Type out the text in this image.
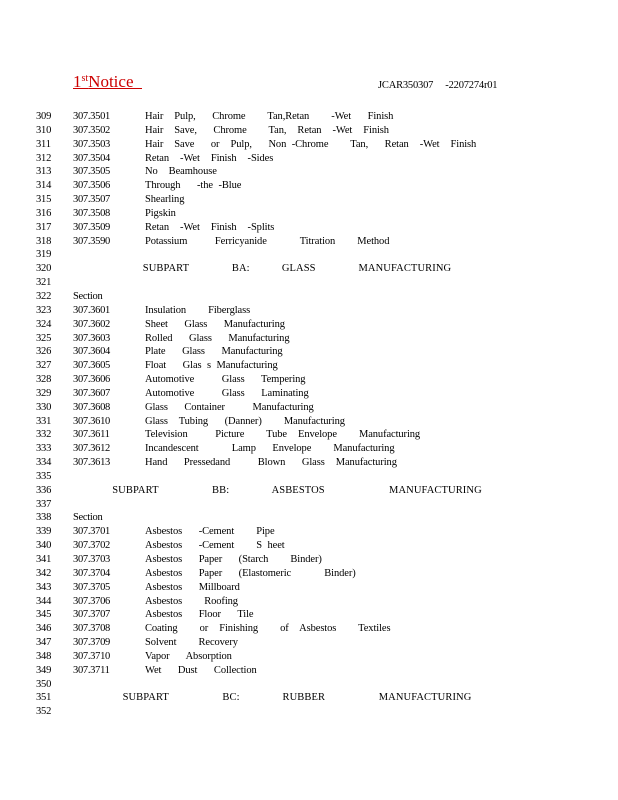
1stNotice	JCAR350307     -2207274r01
309 307.3501	Hair  Pulp,   Chrome    Tan,Retan    -Wet   Finish
310 307.3502	Hair  Save,   Chrome    Tan,  Retan  -Wet  Finish
311 307.3503	Hair  Save   or  Pulp,   Non -Chrome    Tan,   Retan  -Wet  Finish
312 307.3504	Retan  -Wet  Finish  -Sides
313 307.3505	No  Beamhouse
314 307.3506	Through   -the -Blue
315 307.3507	Shearling
316 307.3508	Pigskin
317 307.3509	Retan  -Wet  Finish  -Splits
318 307.3590	Potassium     Ferricyanide      Titration    Method
319
320	SUBPART    BA:   GLASS    MANUFACTURING
321
322 Section
323 307.3601	Insulation    Fiberglass
324 307.3602	Sheet   Glass   Manufacturing
325 307.3603	Rolled   Glass   Manufacturing
326 307.3604	Plate   Glass   Manufacturing
327 307.3605	Float   Glas s Manufacturing
328 307.3606	Automotive     Glass   Tempering
329 307.3607	Automotive     Glass   Laminating
330 307.3608	Glass   Container     Manufacturing
331 307.3610	Glass  Tubing   (Danner)    Manufacturing
332 307.3611	Television     Picture    Tube  Envelope    Manufacturing
333 307.3612	Incandescent      Lamp   Envelope    Manufacturing
334 307.3613	Hand   Pressedand     Blown   Glass  Manufacturing
335
336	SUBPART     BB:    ASBESTOS      MANUFACTURING
337
338 Section
339 307.3701	Asbestos   -Cement    Pipe
340 307.3702	Asbestos   -Cement    S heet
341 307.3703	Asbestos   Paper   (Starch    Binder)
342 307.3704	Asbestos   Paper   (Elastomeric      Binder)
343 307.3705	Asbestos   Millboard
344 307.3706	Asbestos    Roofing
345 307.3707	Asbestos   Floor   Tile
346 307.3708	Coating    or  Finishing    of  Asbestos    Textiles
347 307.3709	Solvent    Recovery
348 307.3710	Vapor   Absorption
349 307.3711	Wet   Dust   Collection
350
351	SUBPART     BC:    RUBBER     MANUFACTURING
352
